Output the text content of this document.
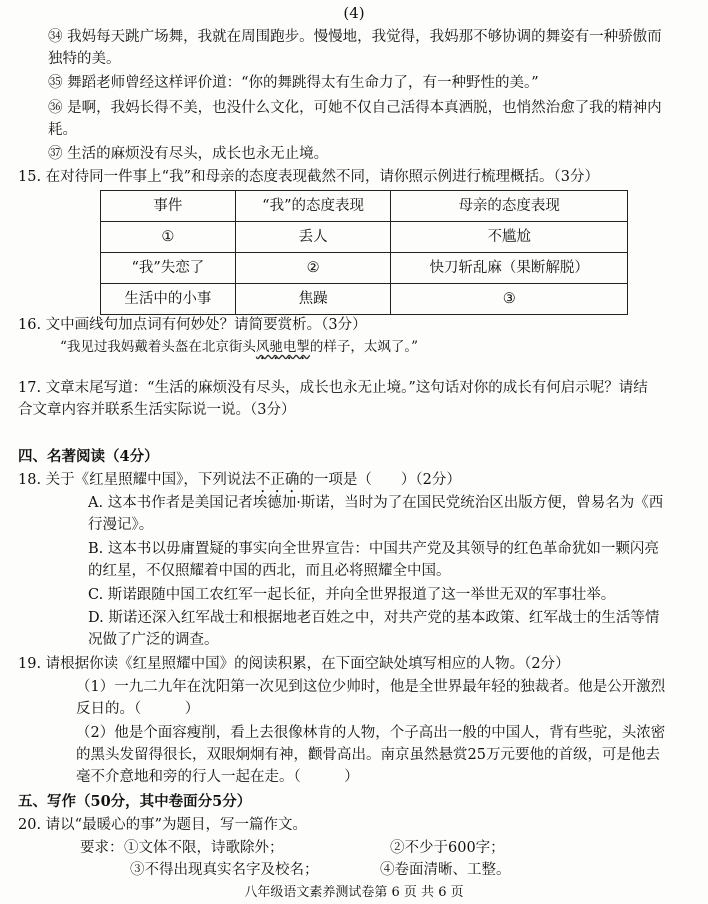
(4)
㉞ 我妈每天跳广场舞，我就在周围跑步。慢慢地，我觉得，我妈那不够协调的舞姿有一种骄傲而独特的美。
㉟ 舞蹈老师曾经这样评价道：“你的舞跳得太有生命力了，有一种野性的美。”
㊱ 是啊，我妈长得不美，也没什么文化，可她不仅自己活得本真洒脱，也悄然治愈了我的精神内耗。
㊲ 生活的麻烦没有尽头，成长也永无止境。
15. 在对待同一件事上“我”和母亲的态度表现截然不同，请你照示例进行梳理概括。（3分）
事件	“我”的态度表现	母亲的态度表现
①	丢人	不尴尬
“我”失恋了	②	快刀斩乱麻（果断解脱）
生活中的小事	焦躁	③
16. 文中画线句加点词有何妙处？请简要赏析。（3分）
“我见过我妈戴着头盔在北京街头风驰电掣的样子，太飒了。”
17. 文章末尾写道：“生活的麻烦没有尽头，成长也永无止境。”这句话对你的成长有何启示呢？请结合文章内容并联系生活实际说一说。（3分）
四、名著阅读（4分）
18. 关于《红星照耀中国》，下列说法不正确的一项是（　　）（2分）
A. 这本书作者是美国记者埃德加·斯诺，当时为了在国民党统治区出版方便，曾易名为《西行漫记》。
B. 这本书以毋庸置疑的事实向全世界宣告：中国共产党及其领导的红色革命犹如一颗闪亮的红星，不仅照耀着中国的西北，而且必将照耀全中国。
C. 斯诺跟随中国工农红军一起长征，并向全世界报道了这一举世无双的军事壮举。
D. 斯诺还深入红军战士和根据地老百姓之中，对共产党的基本政策、红军战士的生活等情况做了广泛的调查。
19. 请根据你读《红星照耀中国》的阅读积累，在下面空缺处填写相应的人物。（2分）
（1）一九二九年在沈阳第一次见到这位少帅时，他是全世界最年轻的独裁者。他是公开激烈反日的。（　　　）
（2）他是个面容瘦削，看上去很像林肯的人物，个子高出一般的中国人，背有些驼，头浓密的黑头发留得很长，双眼炯炯有神，颧骨高出。南京虽然悬赏25万元要他的首级，可是他去毫不介意地和旁的行人一起在走。（　　　）
五、写作（50分，其中卷面分5分）
20. 请以“最暖心的事”为题目，写一篇作文。
要求： ①文体不限，诗歌除外；	②不少于600字；
③不得出现真实名字及校名；	④卷面清晰、工整。
八年级语文素养测试卷第 6 页 共 6 页
